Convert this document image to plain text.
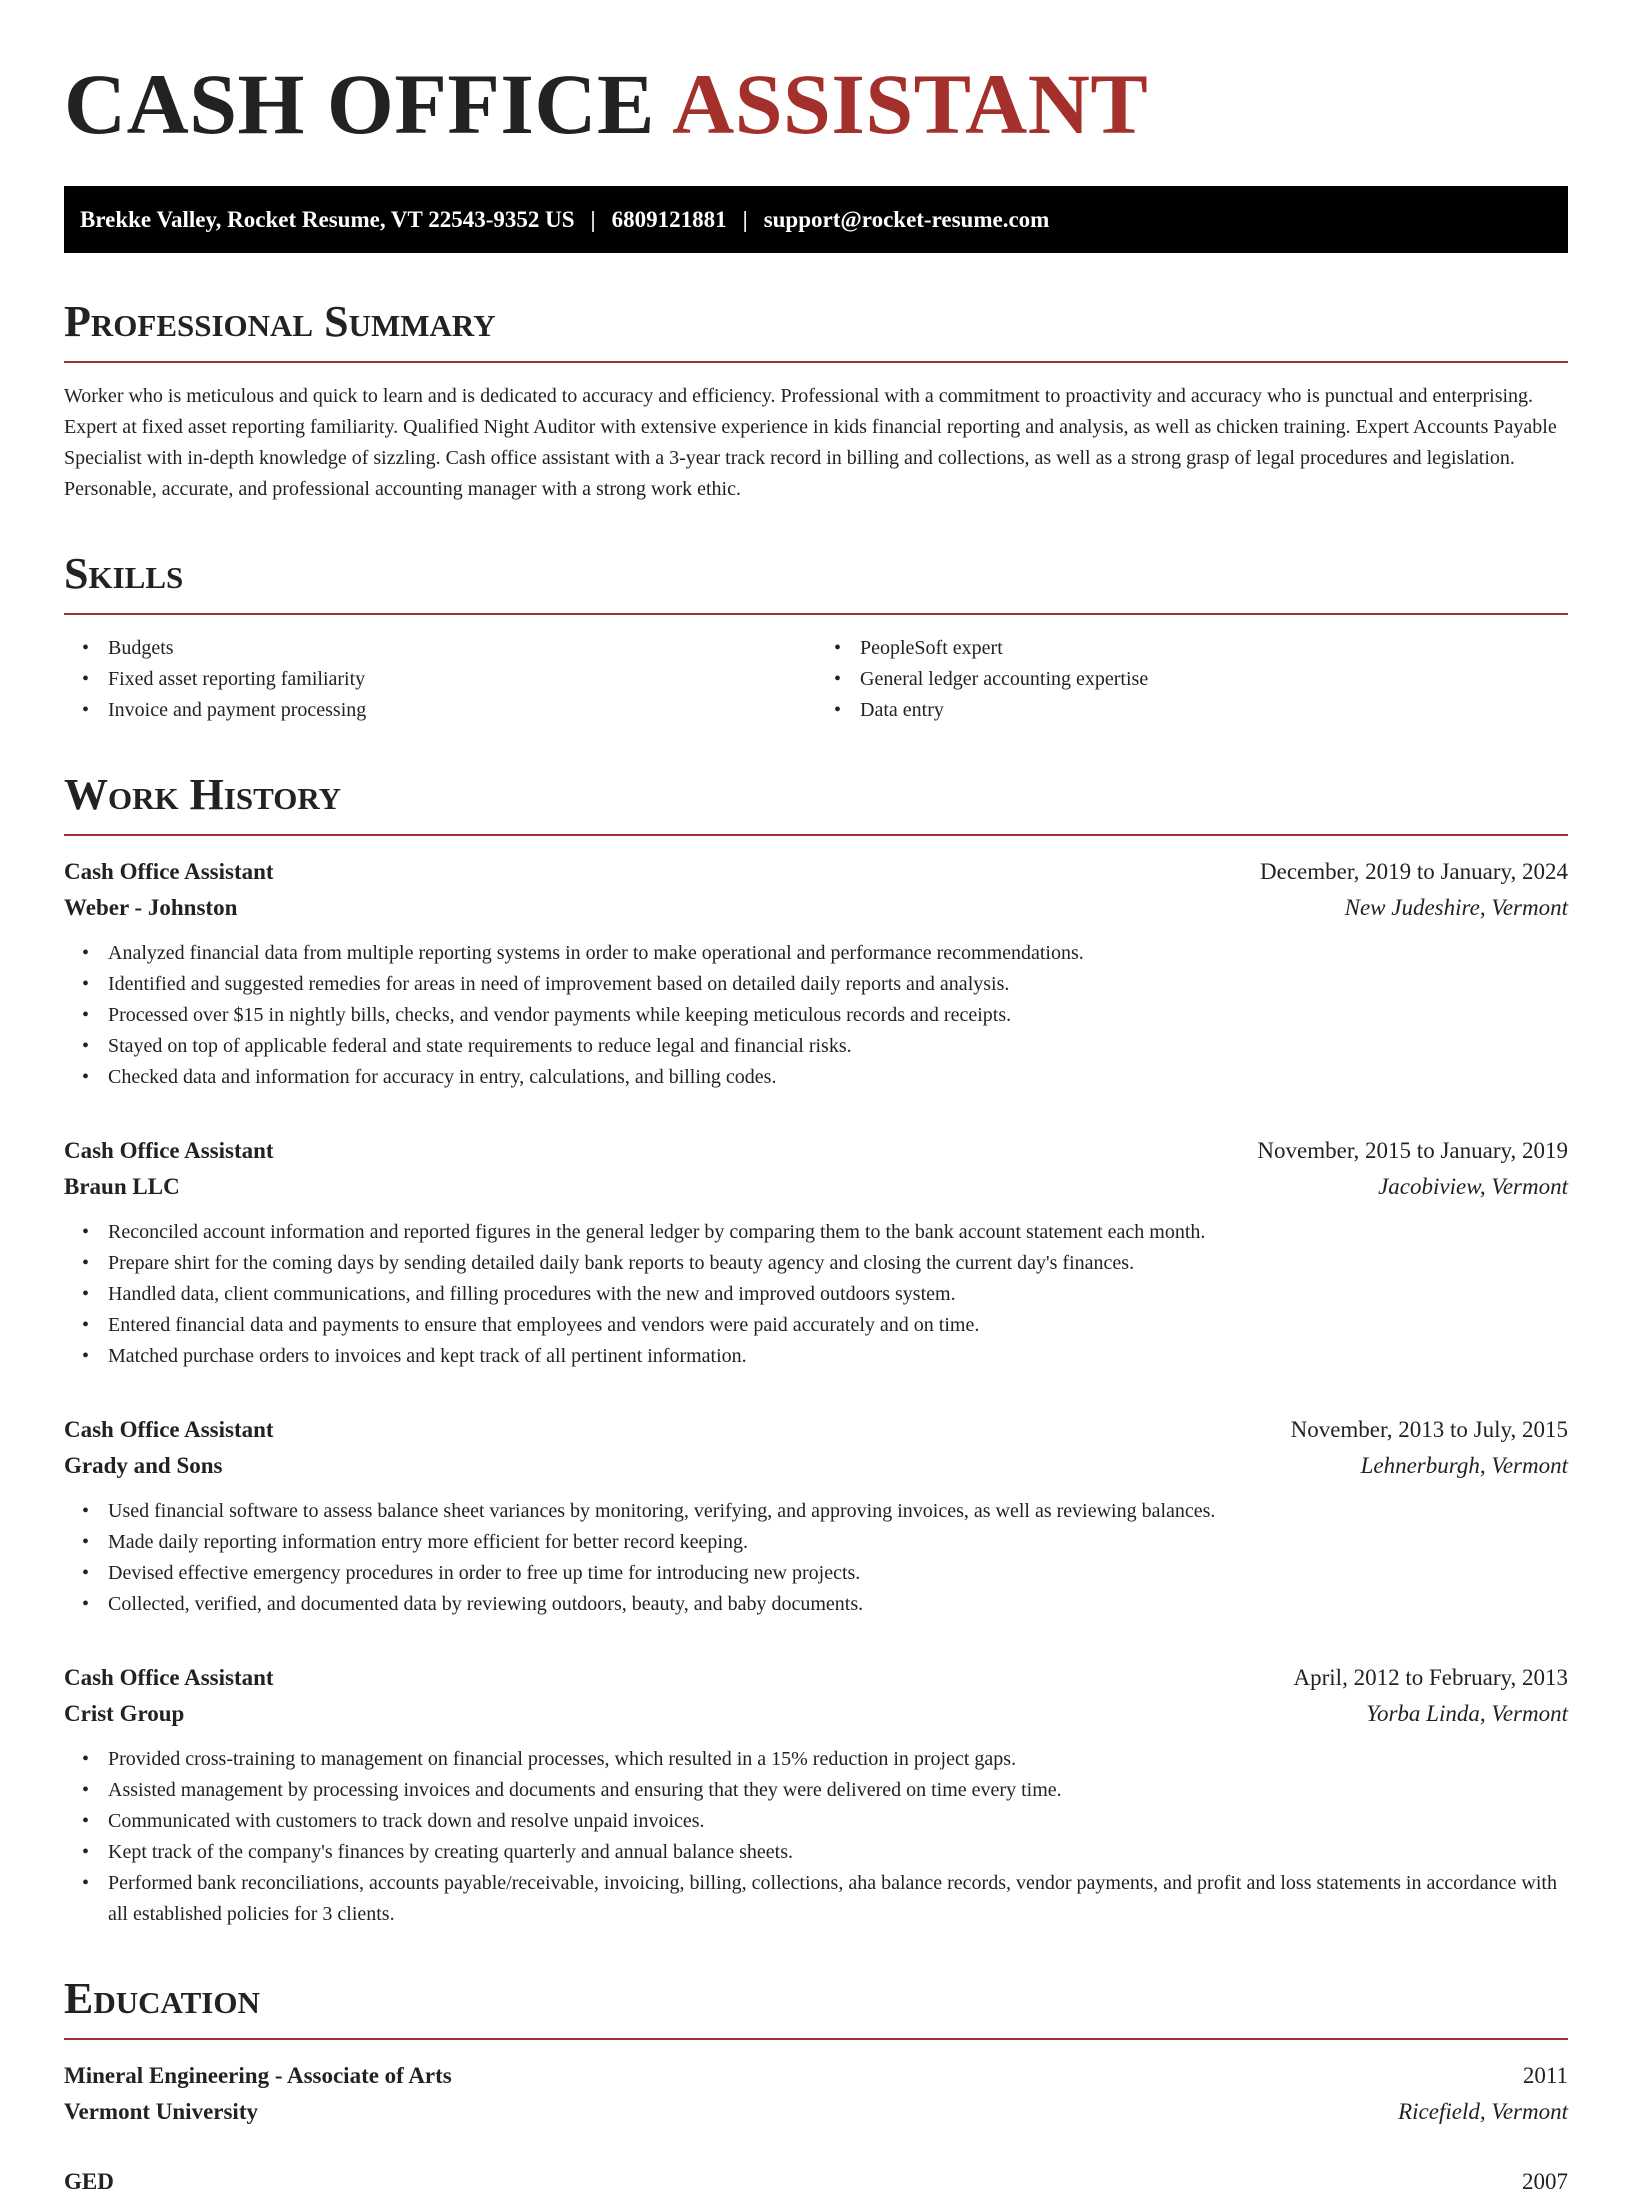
CASH OFFICE ASSISTANT
Brekke Valley, Rocket Resume, VT 22543-9352 US | 6809121881 | support@rocket-resume.com
Professional Summary

Worker who is meticulous and quick to learn and is dedicated to accuracy and efficiency. Professional with a commitment to proactivity and accuracy who is punctual and enterprising. Expert at fixed asset reporting familiarity. Qualified Night Auditor with extensive experience in kids financial reporting and analysis, as well as chicken training. Expert Accounts Payable Specialist with in-depth knowledge of sizzling. Cash office assistant with a 3-year track record in billing and collections, as well as a strong grasp of legal procedures and legislation. Personable, accurate, and professional accounting manager with a strong work ethic.

Skills
• Budgets
• Fixed asset reporting familiarity
• Invoice and payment processing
• PeopleSoft expert
• General ledger accounting expertise
• Data entry
Work History
Cash Office Assistant	December, 2019 to January, 2024
Weber - Johnston	New Judeshire, Vermont
• Analyzed financial data from multiple reporting systems in order to make operational and performance recommendations.
• Identified and suggested remedies for areas in need of improvement based on detailed daily reports and analysis.
• Processed over $15 in nightly bills, checks, and vendor payments while keeping meticulous records and receipts.
• Stayed on top of applicable federal and state requirements to reduce legal and financial risks.
• Checked data and information for accuracy in entry, calculations, and billing codes.
Cash Office Assistant	November, 2015 to January, 2019
Braun LLC	Jacobiview, Vermont
• Reconciled account information and reported figures in the general ledger by comparing them to the bank account statement each month.
• Prepare shirt for the coming days by sending detailed daily bank reports to beauty agency and closing the current day's finances.
• Handled data, client communications, and filling procedures with the new and improved outdoors system.
• Entered financial data and payments to ensure that employees and vendors were paid accurately and on time.
• Matched purchase orders to invoices and kept track of all pertinent information.
Cash Office Assistant	November, 2013 to July, 2015
Grady and Sons	Lehnerburgh, Vermont
• Used financial software to assess balance sheet variances by monitoring, verifying, and approving invoices, as well as reviewing balances.
• Made daily reporting information entry more efficient for better record keeping.
• Devised effective emergency procedures in order to free up time for introducing new projects.
• Collected, verified, and documented data by reviewing outdoors, beauty, and baby documents.
Cash Office Assistant	April, 2012 to February, 2013
Crist Group	Yorba Linda, Vermont
• Provided cross-training to management on financial processes, which resulted in a 15% reduction in project gaps.
• Assisted management by processing invoices and documents and ensuring that they were delivered on time every time.
• Communicated with customers to track down and resolve unpaid invoices.
• Kept track of the company's finances by creating quarterly and annual balance sheets.
• Performed bank reconciliations, accounts payable/receivable, invoicing, billing, collections, aha balance records, vendor payments, and profit and loss statements in accordance with all established policies for 3 clients.
Education
Mineral Engineering - Associate of Arts	2011
Vermont University	Ricefield, Vermont
GED	2007
